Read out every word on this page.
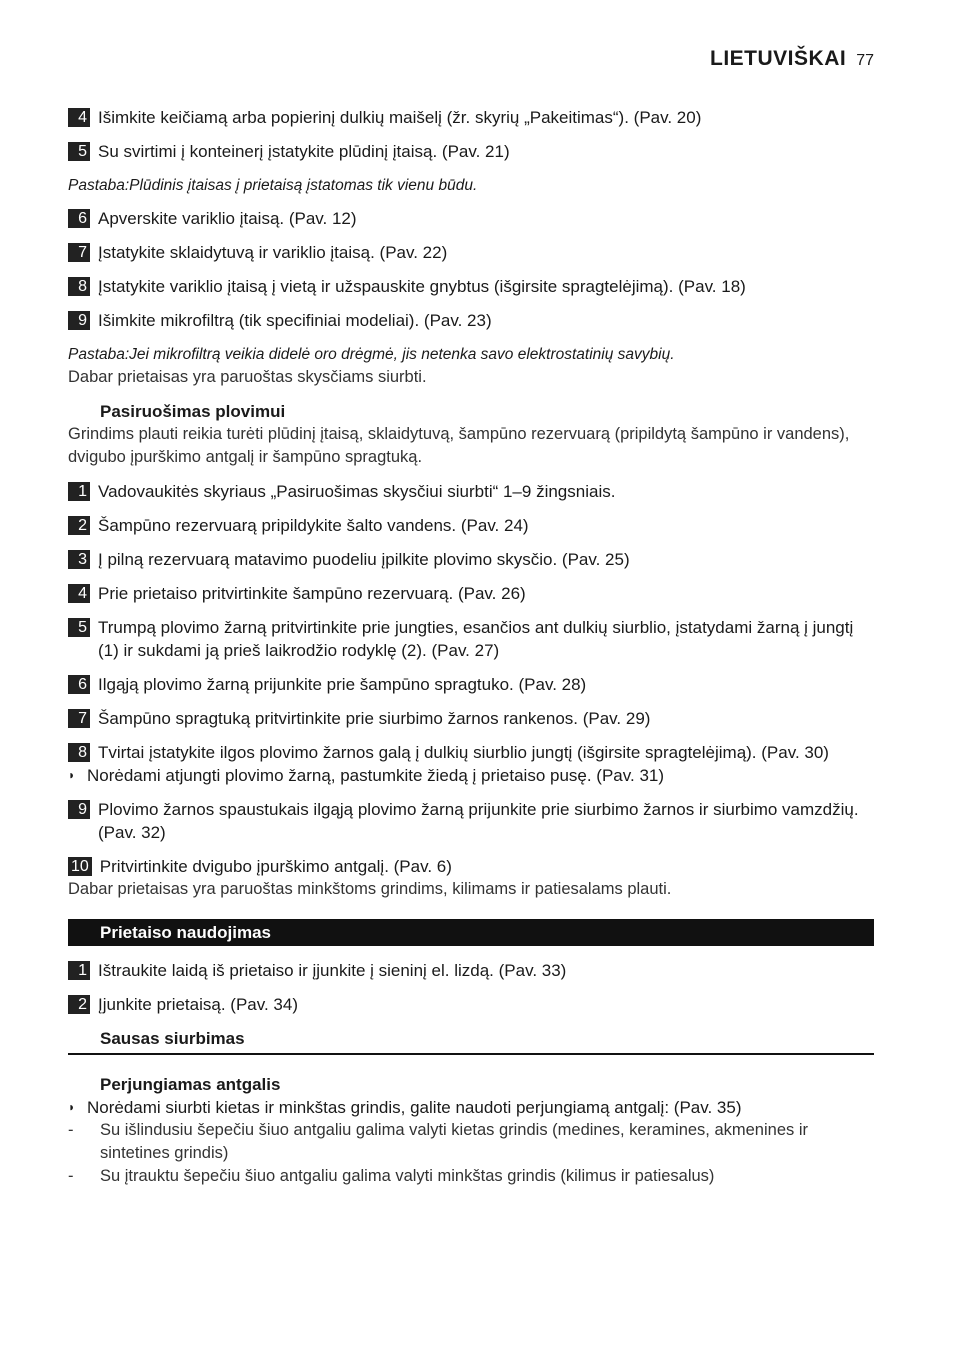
LIETUVIŠKAI 77
4 Išimkite keičiamą arba popierinį dulkių maišelį (žr. skyrių „Pakeitimas“). (Pav. 20)
5 Su svirtimi į konteinerį įstatykite plūdinį įtaisą. (Pav. 21)
Pastaba:Plūdinis įtaisas į prietaisą įstatomas tik vienu būdu.
6 Apverskite variklio įtaisą. (Pav. 12)
7 Įstatykite sklaidytuvą ir variklio įtaisą. (Pav. 22)
8 Įstatykite variklio įtaisą į vietą ir užspauskite gnybtus (išgirsite spragtelėjimą). (Pav. 18)
9 Išimkite mikrofiltrą (tik specifiniai modeliai). (Pav. 23)
Pastaba:Jei mikrofiltrą veikia didelė oro drėgmė, jis netenka savo elektrostatinių savybių.
Dabar prietaisas yra paruoštas skysčiams siurbti.
Pasiruošimas plovimui
Grindims plauti reikia turėti plūdinį įtaisą, sklaidytuvą, šampūno rezervuarą (pripildytą šampūno ir vandens), dvigubo įpurškimo antgalį ir šampūno spragtuką.
1 Vadovaukitės skyriaus „Pasiruošimas skysčiui siurbti“ 1–9 žingsniais.
2 Šampūno rezervuarą pripildykite šalto vandens. (Pav. 24)
3 Į pilną rezervuarą matavimo puodeliu įpilkite plovimo skysčio. (Pav. 25)
4 Prie prietaiso pritvirtinkite šampūno rezervuarą. (Pav. 26)
5 Trumpą plovimo žarną pritvirtinkite prie jungties, esančios ant dulkių siurblio, įstatydami žarną į jungtį (1) ir sukdami ją prieš laikrodžio rodyklę (2). (Pav. 27)
6 Ilgąją plovimo žarną prijunkite prie šampūno spragtuko. (Pav. 28)
7 Šampūno spragtuką pritvirtinkite prie siurbimo žarnos rankenos. (Pav. 29)
8 Tvirtai įstatykite ilgos plovimo žarnos galą į dulkių siurblio jungtį (išgirsite spragtelėjimą). (Pav. 30)
◗ Norėdami atjungti plovimo žarną, pastumkite žiedą į prietaiso pusę. (Pav. 31)
9 Plovimo žarnos spaustukais ilgąją plovimo žarną prijunkite prie siurbimo žarnos ir siurbimo vamzdžių. (Pav. 32)
10 Pritvirtinkite dvigubo įpurškimo antgalį. (Pav. 6)
Dabar prietaisas yra paruoštas minkštoms grindims, kilimams ir patiesalams plauti.
Prietaiso naudojimas
1 Ištraukite laidą iš prietaiso ir įjunkite į sieninį el. lizdą. (Pav. 33)
2 Įjunkite prietaisą. (Pav. 34)
Sausas siurbimas
Perjungiamas antgalis
◗ Norėdami siurbti kietas ir minkštas grindis, galite naudoti perjungiamą antgalį: (Pav. 35)
-	Su išlindusiu šepečiu šiuo antgaliu galima valyti kietas grindis (medines, keramines, akmenines ir sintetines grindis)
-	Su įtrauktu šepečiu šiuo antgaliu galima valyti minkštas grindis (kilimus ir patiesalus)
